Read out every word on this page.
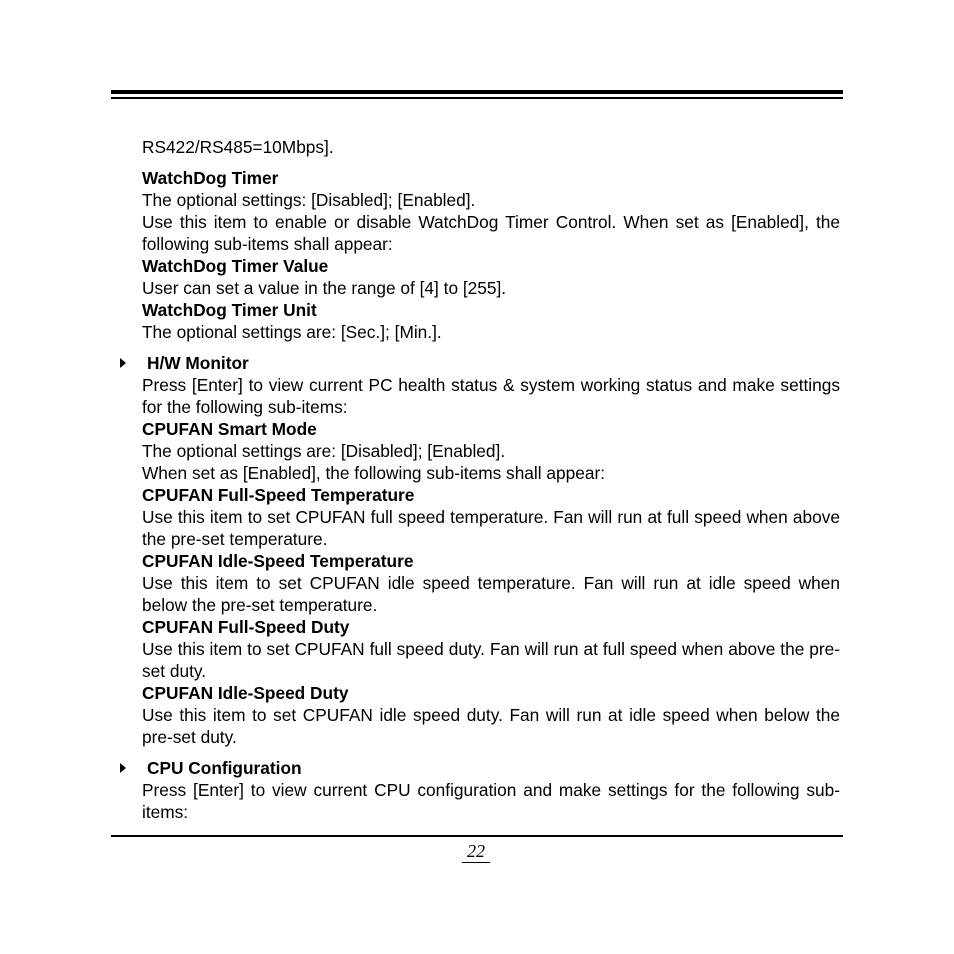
RS422/RS485=10Mbps].

WatchDog Timer

The optional settings: [Disabled]; [Enabled].

Use this item to enable or disable WatchDog Timer Control. When set as [Enabled], the following sub-items shall appear:

WatchDog Timer Value

User can set a value in the range of [4] to [255].

WatchDog Timer Unit

The optional settings are: [Sec.]; [Min.].

H/W Monitor

Press [Enter] to view current PC health status & system working status and make settings for the following sub-items:

CPUFAN Smart Mode

The optional settings are: [Disabled]; [Enabled].

When set as [Enabled], the following sub-items shall appear:

CPUFAN Full-Speed Temperature

Use this item to set CPUFAN full speed temperature. Fan will run at full speed when above the pre-set temperature.

CPUFAN Idle-Speed Temperature

Use this item to set CPUFAN idle speed temperature. Fan will run at idle speed when below the pre-set temperature.

CPUFAN Full-Speed Duty

Use this item to set CPUFAN full speed duty. Fan will run at full speed when above the pre-set duty.

CPUFAN Idle-Speed Duty

Use this item to set CPUFAN idle speed duty. Fan will run at idle speed when below the pre-set duty.

CPU Configuration

Press [Enter] to view current CPU configuration and make settings for the following sub-items:

22
